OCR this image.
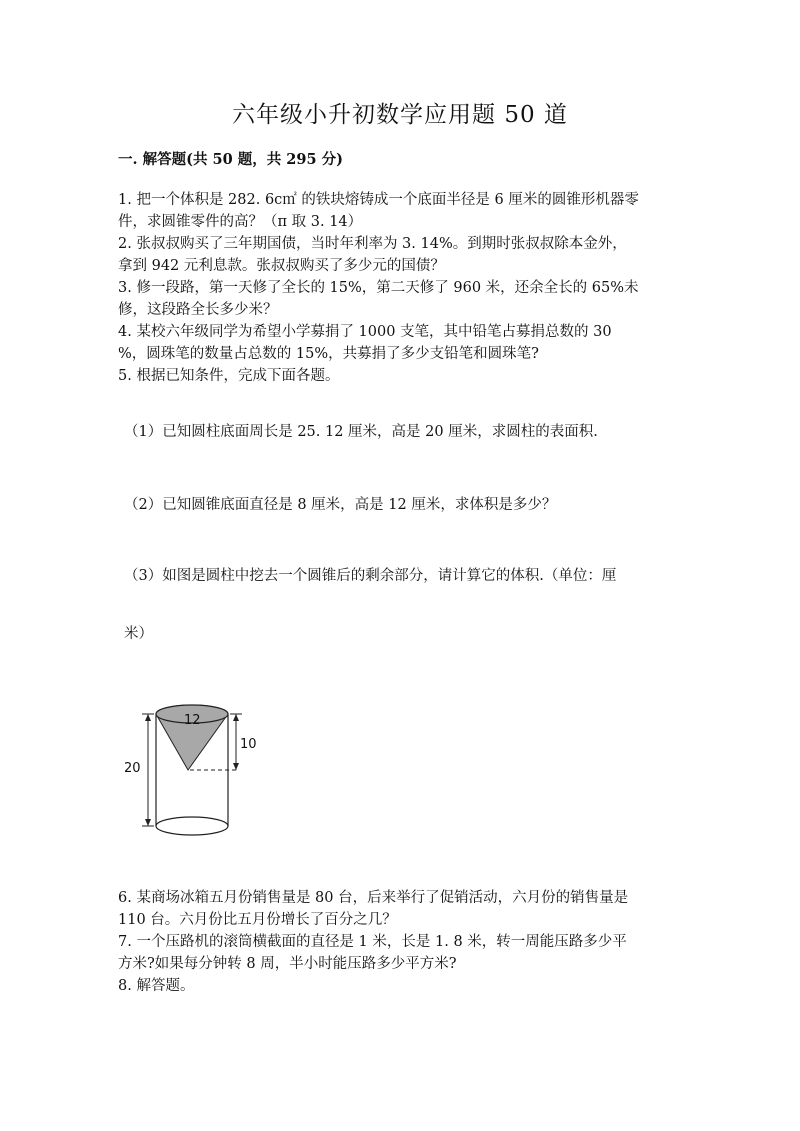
六年级小升初数学应用题 50 道
一. 解答题(共 50 题，共 295 分)
1. 把一个体积是 282. 6c㎡ 的铁块熔铸成一个底面半径是 6 厘米的圆锥形机器零
件，求圆锥零件的高？（π 取 3. 14）
2. 张叔叔购买了三年期国债，当时年利率为 3. 14%。到期时张叔叔除本金外，
拿到 942 元利息款。张叔叔购买了多少元的国债？
3. 修一段路，第一天修了全长的 15%，第二天修了 960 米，还余全长的 65%未
修，这段路全长多少米？
4. 某校六年级同学为希望小学募捐了 1000 支笔，其中铅笔占募捐总数的 30
%，圆珠笔的数量占总数的 15%，共募捐了多少支铅笔和圆珠笔?
5. 根据已知条件，完成下面各题。
（1）已知圆柱底面周长是 25. 12 厘米，高是 20 厘米，求圆柱的表面积.
（2）已知圆锥底面直径是 8 厘米，高是 12 厘米，求体积是多少？
（3）如图是圆柱中挖去一个圆锥后的剩余部分，请计算它的体积.（单位：厘
米）
12
10
20
6. 某商场冰箱五月份销售量是 80 台，后来举行了促销活动，六月份的销售量是
110 台。六月份比五月份增长了百分之几？
7. 一个压路机的滚筒横截面的直径是 1 米，长是 1. 8 米，转一周能压路多少平
方米?如果每分钟转 8 周，半小时能压路多少平方米?
8. 解答题。
